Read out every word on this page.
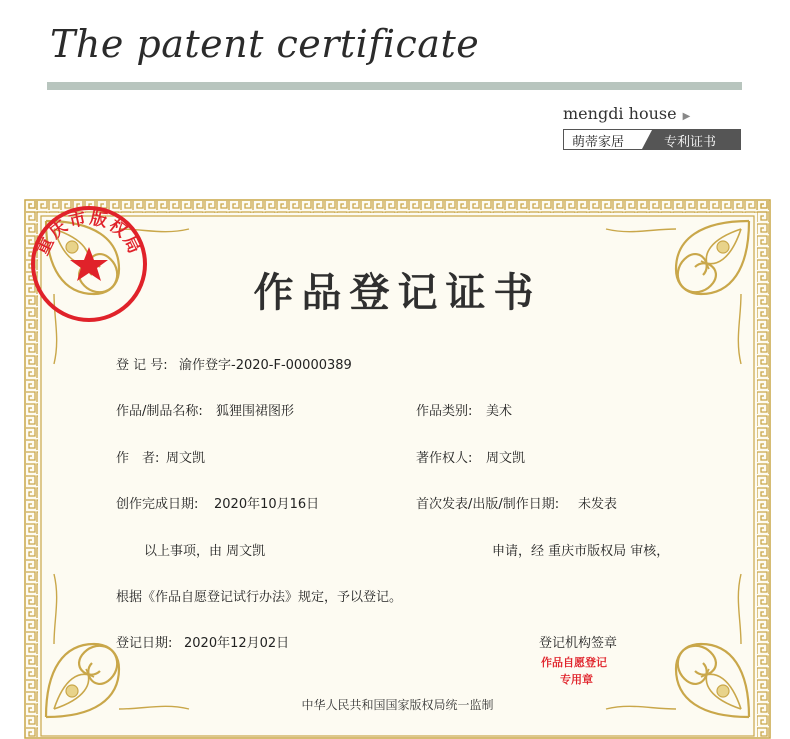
The patent certificate
mengdi house ▶
萌蒂家居	专利证书
作品登记证书
登 记 号: 渝作登字-2020-F-00000389
作品/制品名称: 狐狸围裙图形	作品类别: 美术
作　者: 周文凯	著作权人: 周文凯
创作完成日期: 2020年10月16日	首次发表/出版/制作日期: 未发表
以上事项，由 周文凯	申请，经 重庆市版权局 审核，
根据《作品自愿登记试行办法》规定，予以登记。
登记日期: 2020年12月02日
重庆市版权局
作品自愿登记
专用章
登记机构签章
中华人民共和国国家版权局统一监制
